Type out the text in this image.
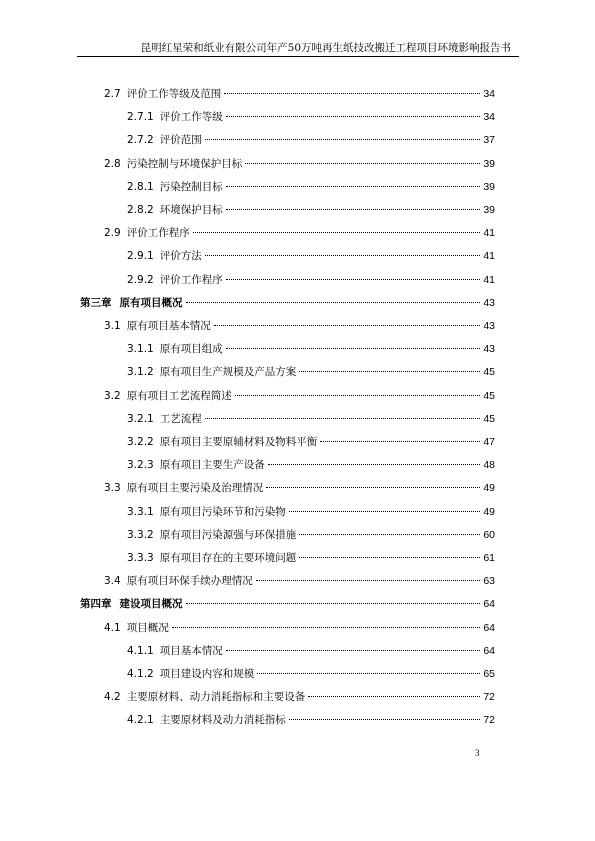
昆明红星荣和纸业有限公司年产50万吨再生纸技改搬迁工程项目环境影响报告书
2.7 评价工作等级及范围	34
2.7.1 评价工作等级	34
2.7.2 评价范围	37
2.8 污染控制与环境保护目标	39
2.8.1 污染控制目标	39
2.8.2 环境保护目标	39
2.9 评价工作程序	41
2.9.1 评价方法	41
2.9.2 评价工作程序	41
第三章 原有项目概况	43
3.1 原有项目基本情况	43
3.1.1 原有项目组成	43
3.1.2 原有项目生产规模及产品方案	45
3.2 原有项目工艺流程简述	45
3.2.1 工艺流程	45
3.2.2 原有项目主要原辅材料及物料平衡	47
3.2.3 原有项目主要生产设备	48
3.3 原有项目主要污染及治理情况	49
3.3.1 原有项目污染环节和污染物	49
3.3.2 原有项目污染源强与环保措施	60
3.3.3 原有项目存在的主要环境问题	61
3.4 原有项目环保手续办理情况	63
第四章 建设项目概况	64
4.1 项目概况	64
4.1.1 项目基本情况	64
4.1.2 项目建设内容和规模	65
4.2 主要原材料、动力消耗指标和主要设备	72
4.2.1 主要原材料及动力消耗指标	72
3
